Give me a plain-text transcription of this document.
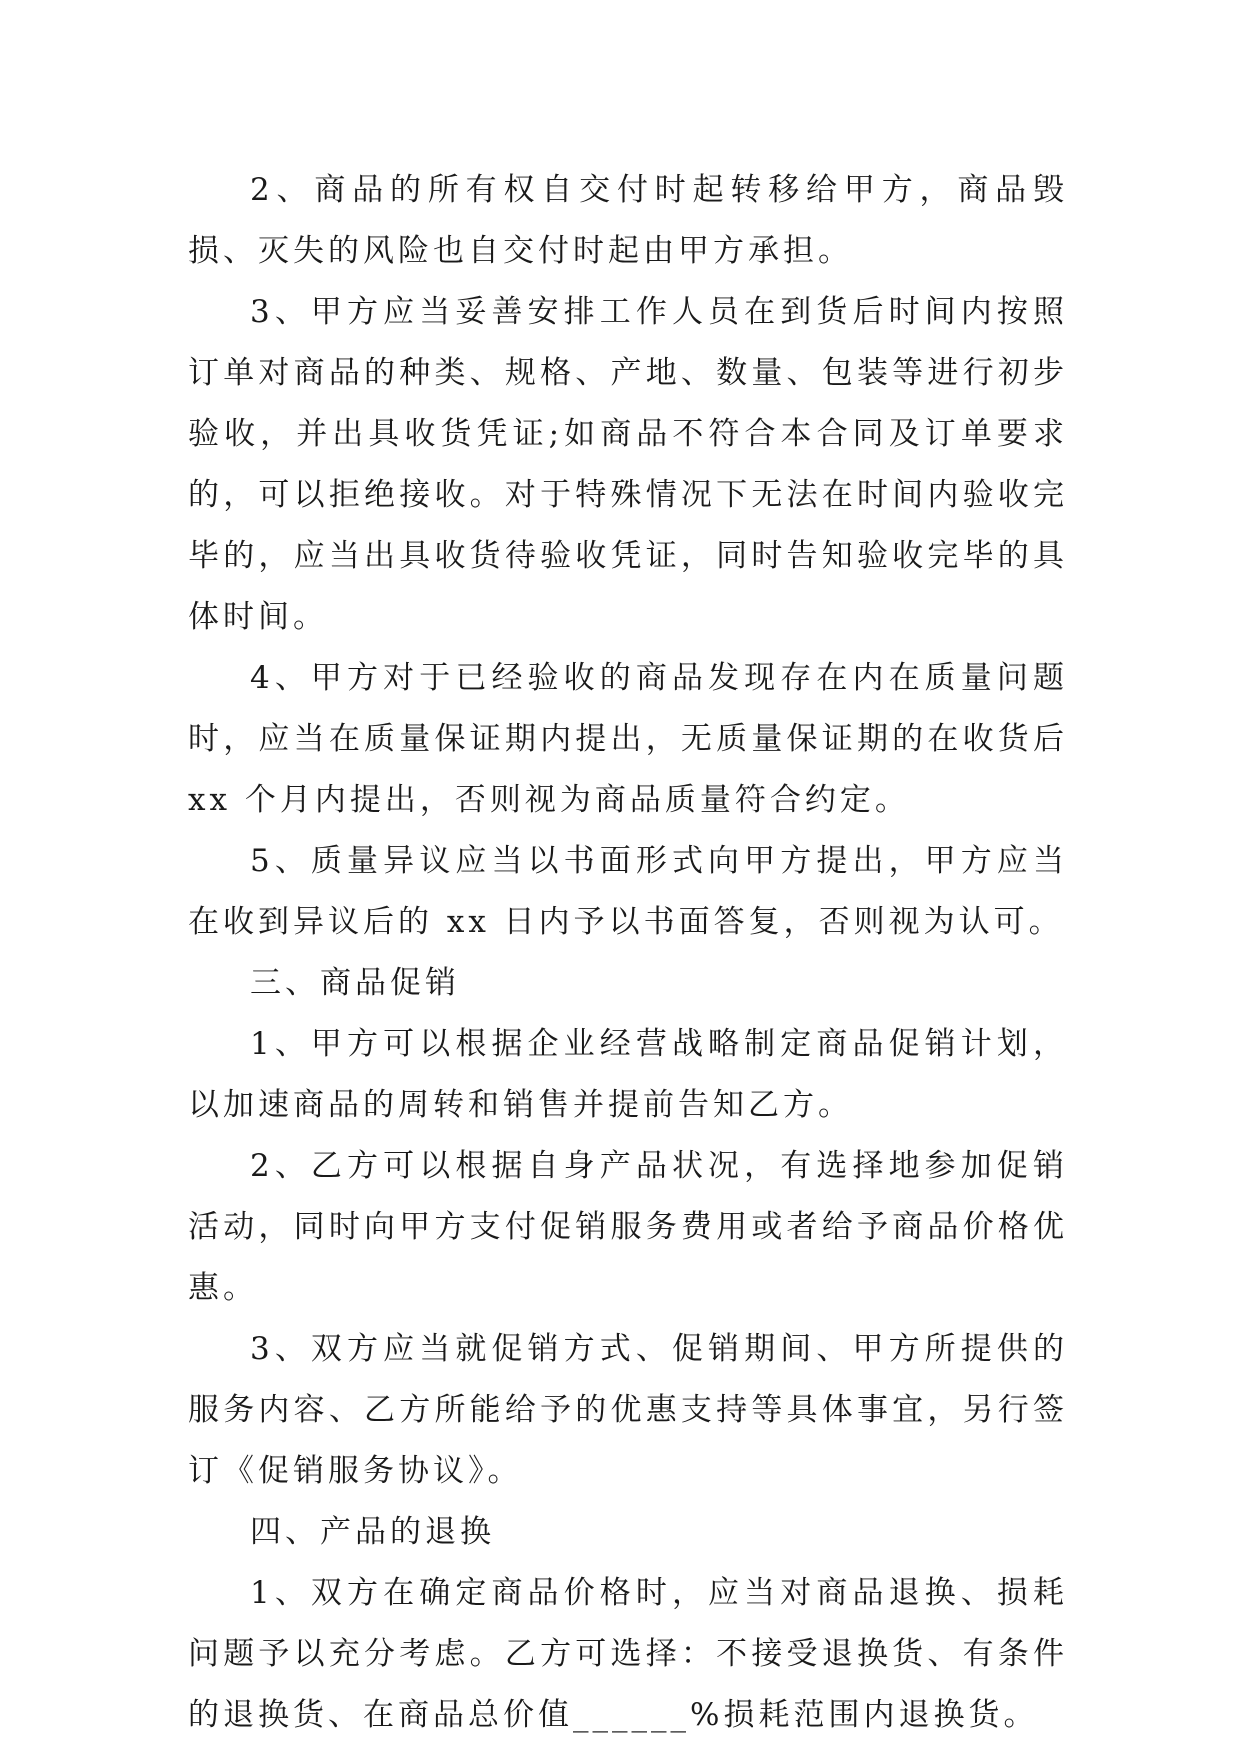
2、商品的所有权自交付时起转移给甲方，商品毁损、灭失的风险也自交付时起由甲方承担。

3、甲方应当妥善安排工作人员在到货后时间内按照订单对商品的种类、规格、产地、数量、包装等进行初步验收，并出具收货凭证;如商品不符合本合同及订单要求的，可以拒绝接收。对于特殊情况下无法在时间内验收完毕的，应当出具收货待验收凭证，同时告知验收完毕的具体时间。

4、甲方对于已经验收的商品发现存在内在质量问题时，应当在质量保证期内提出，无质量保证期的在收货后 xx 个月内提出，否则视为商品质量符合约定。

5、质量异议应当以书面形式向甲方提出，甲方应当在收到异议后的 xx 日内予以书面答复，否则视为认可。

三、商品促销

1、甲方可以根据企业经营战略制定商品促销计划，以加速商品的周转和销售并提前告知乙方。

2、乙方可以根据自身产品状况，有选择地参加促销活动，同时向甲方支付促销服务费用或者给予商品价格优惠。

3、双方应当就促销方式、促销期间、甲方所提供的服务内容、乙方所能给予的优惠支持等具体事宜，另行签订《促销服务协议》。

四、产品的退换

1、双方在确定商品价格时，应当对商品退换、损耗问题予以充分考虑。乙方可选择：不接受退换货、有条件的退换货、在商品总价值______%损耗范围内退换货。
